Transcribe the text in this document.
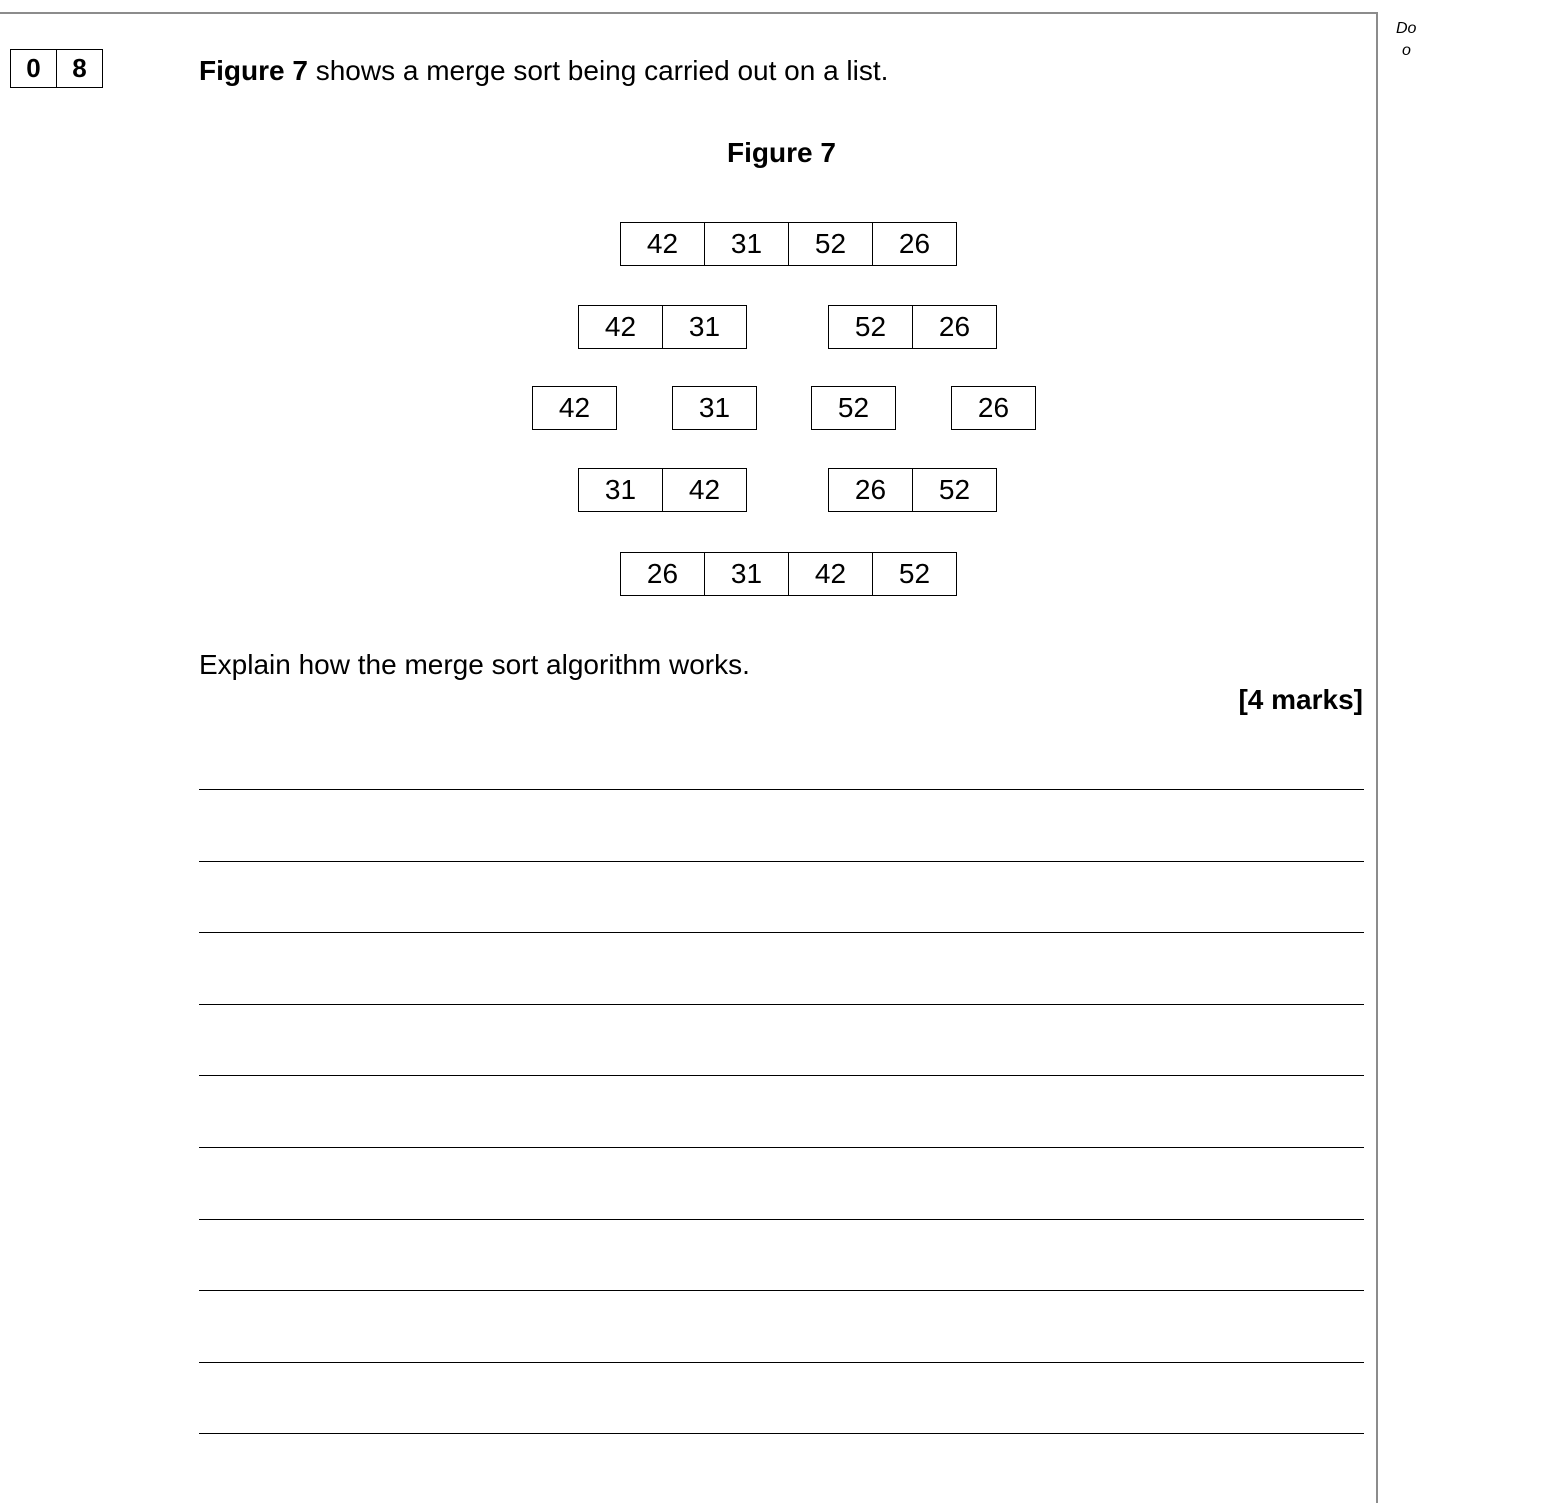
Do
o
0	8	Figure 7 shows a merge sort being carried out on a list.
Figure 7
42	31	52	26
42	31	52	26
42	31	52	26
31	42	26	52
26	31	42	52
Explain how the merge sort algorithm works.
[4 marks]
